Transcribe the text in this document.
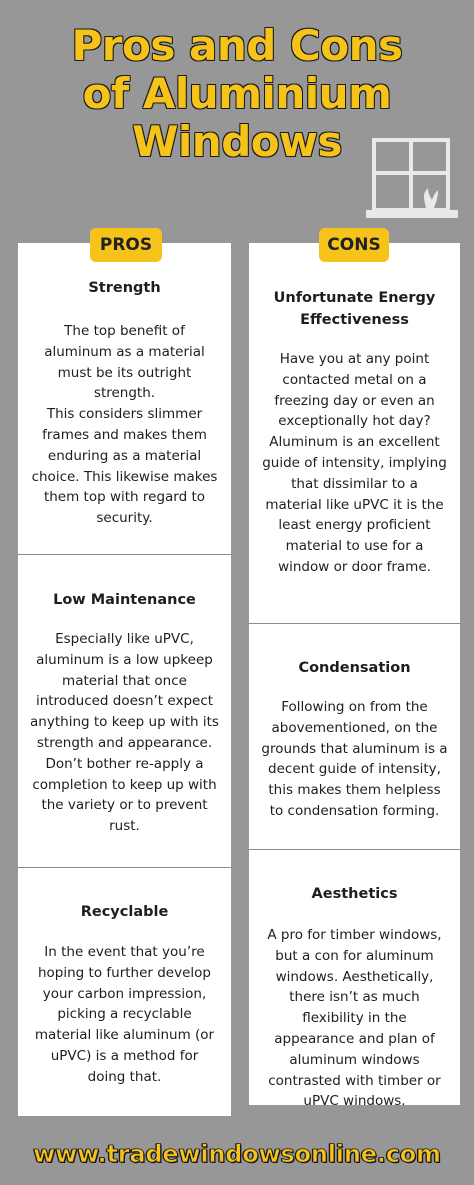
Pros and Cons
of Aluminium
Windows
Strength

The top benefit of aluminum as a material must be its outright strength.
This considers slimmer frames and makes them enduring as a material choice. This likewise makes them top with regard to security.

Low Maintenance

Especially like uPVC, aluminum is a low upkeep material that once introduced doesn’t expect anything to keep up with its strength and appearance. Don’t bother re-apply a completion to keep up with the variety or to prevent rust.

Recyclable

In the event that you’re hoping to further develop your carbon impression, picking a recyclable material like aluminum (or uPVC) is a method for doing that.

Unfortunate Energy Effectiveness

Have you at any point contacted metal on a freezing day or even an exceptionally hot day? Aluminum is an excellent guide of intensity, implying that dissimilar to a material like uPVC it is the least energy proficient material to use for a window or door frame.

Condensation

Following on from the abovementioned, on the grounds that aluminum is a decent guide of intensity, this makes them helpless to condensation forming.

Aesthetics

A pro for timber windows, but a con for aluminum windows. Aesthetically, there isn’t as much flexibility in the appearance and plan of aluminum windows contrasted with timber or uPVC windows.

PROS	CONS
www.tradewindowsonline.com
